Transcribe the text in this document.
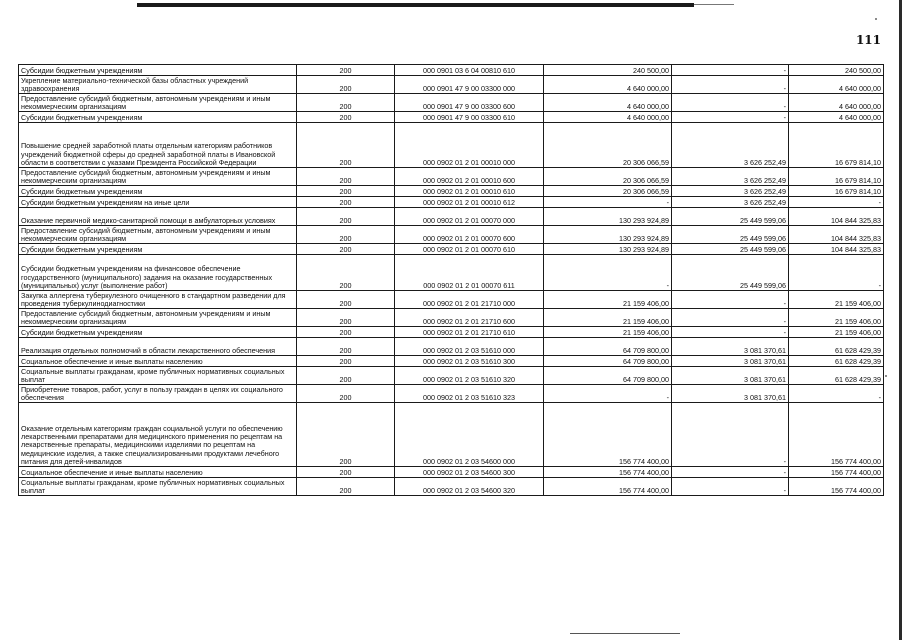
111
Субсидии бюджетным учреждениям	200	000 0901 03 6 04 00810 610	240 500,00	-	240 500,00
Укрепление материально-технической базы областных учреждений здравоохранения	200	000 0901 47 9 00 03300 000	4 640 000,00	-	4 640 000,00
Предоставление субсидий бюджетным, автономным учреждениям и иным некоммерческим организациям	200	000 0901 47 9 00 03300 600	4 640 000,00	-	4 640 000,00
Субсидии бюджетным учреждениям	200	000 0901 47 9 00 03300 610	4 640 000,00	-	4 640 000,00
Повышение средней заработной платы отдельным категориям работников учреждений бюджетной сферы до средней заработной платы в Ивановской области в соответствии с указами Президента Российской Федерации	200	000 0902 01 2 01 00010 000	20 306 066,59	3 626 252,49	16 679 814,10
Предоставление субсидий бюджетным, автономным учреждениям и иным некоммерческим организациям	200	000 0902 01 2 01 00010 600	20 306 066,59	3 626 252,49	16 679 814,10
Субсидии бюджетным учреждениям	200	000 0902 01 2 01 00010 610	20 306 066,59	3 626 252,49	16 679 814,10
Субсидии бюджетным учреждениям на иные цели	200	000 0902 01 2 01 00010 612	-	3 626 252,49	-
Оказание первичной медико-санитарной помощи в амбулаторных условиях	200	000 0902 01 2 01 00070 000	130 293 924,89	25 449 599,06	104 844 325,83
Предоставление субсидий бюджетным, автономным учреждениям и иным некоммерческим организациям	200	000 0902 01 2 01 00070 600	130 293 924,89	25 449 599,06	104 844 325,83
Субсидии бюджетным учреждениям	200	000 0902 01 2 01 00070 610	130 293 924,89	25 449 599,06	104 844 325,83
Субсидии бюджетным учреждениям на финансовое обеспечение государственного (муниципального) задания на оказание государственных (муниципальных) услуг (выполнение работ)	200	000 0902 01 2 01 00070 611	-	25 449 599,06	-
Закупка аллергена туберкулезного очищенного в стандартном разведении для проведения туберкулинодиагностики	200	000 0902 01 2 01 21710 000	21 159 406,00	-	21 159 406,00
Предоставление субсидий бюджетным, автономным учреждениям и иным некоммерческим организациям	200	000 0902 01 2 01 21710 600	21 159 406,00	-	21 159 406,00
Субсидии бюджетным учреждениям	200	000 0902 01 2 01 21710 610	21 159 406,00	-	21 159 406,00
Реализация отдельных полномочий в области лекарственного обеспечения	200	000 0902 01 2 03 51610 000	64 709 800,00	3 081 370,61	61 628 429,39
Социальное обеспечение и иные выплаты населению	200	000 0902 01 2 03 51610 300	64 709 800,00	3 081 370,61	61 628 429,39
Социальные выплаты гражданам, кроме публичных нормативных социальных выплат	200	000 0902 01 2 03 51610 320	64 709 800,00	3 081 370,61	61 628 429,39
Приобретение товаров, работ, услуг в пользу граждан в целях их социального обеспечения	200	000 0902 01 2 03 51610 323	-	3 081 370,61	-
Оказание отдельным категориям граждан социальной услуги по обеспечению лекарственными препаратами для медицинского применения по рецептам на лекарственные препараты, медицинскими изделиями по рецептам на медицинские изделия, а также специализированными продуктами лечебного питания для детей-инвалидов	200	000 0902 01 2 03 54600 000	156 774 400,00	-	156 774 400,00
Социальное обеспечение и иные выплаты населению	200	000 0902 01 2 03 54600 300	156 774 400,00	-	156 774 400,00
Социальные выплаты гражданам, кроме публичных нормативных социальных выплат	200	000 0902 01 2 03 54600 320	156 774 400,00	-	156 774 400,00
